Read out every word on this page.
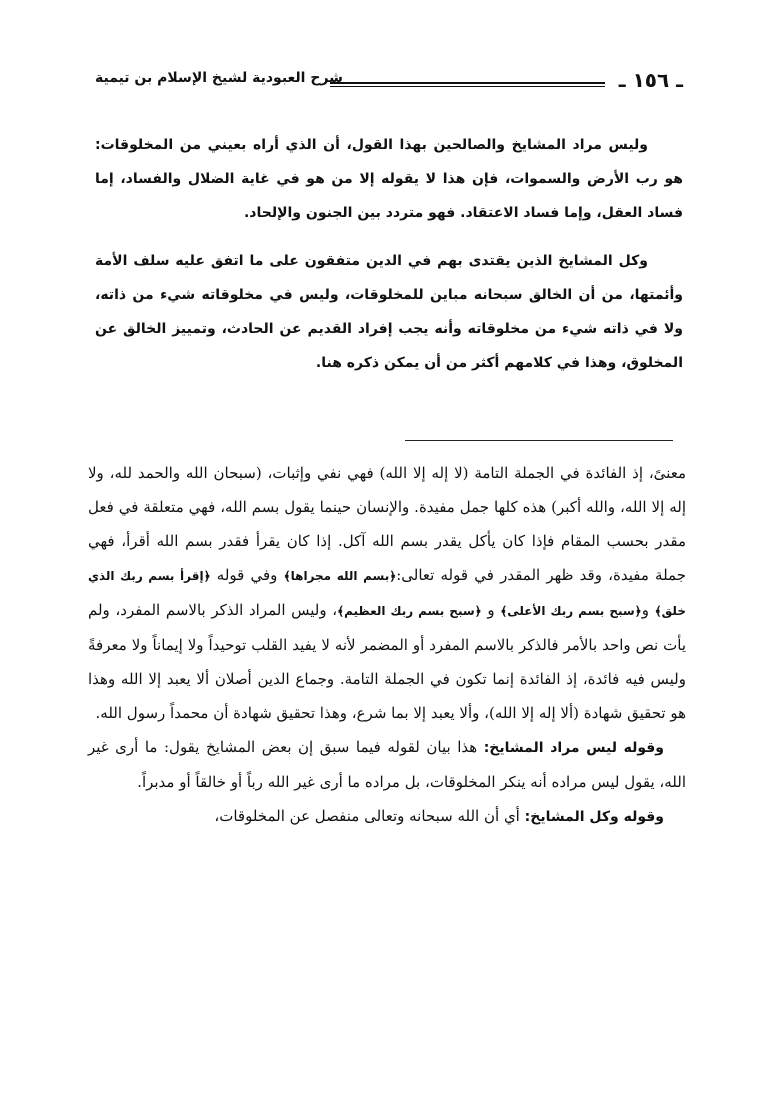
ـ ١٥٦ ـ
شرح العبودية لشيخ الإسلام بن تيمية

وليس مراد المشايخ والصالحين بهذا القول، أن الذي أراه بعيني من المخلوقات: هو رب الأرض والسموات، فإن هذا لا يقوله إلا من هو في غاية الضلال والفساد، إما فساد العقل، وإما فساد الاعتقاد. فهو متردد بين الجنون والإلحاد.

وكل المشايخ الذين يقتدى بهم في الدين متفقون على ما اتفق عليه سلف الأمة وأئمتها، من أن الخالق سبحانه مباين للمخلوقات، وليس في مخلوقاته شيء من ذاته، ولا في ذاته شيء من مخلوقاته وأنه يجب إفراد القديم عن الحادث، وتمييز الخالق عن المخلوق، وهذا في كلامهم أكثر من أن يمكن ذكره هنا.

معنىً، إذ الفائدة في الجملة التامة (لا إله إلا الله) فهي نفي وإثبات، (سبحان الله والحمد لله، ولا إله إلا الله، والله أكبر) هذه كلها جمل مفيدة. والإنسان حينما يقول بسم الله، فهي متعلقة في فعل مقدر بحسب المقام فإذا كان يأكل يقدر بسم الله آكل. إذا كان يقرأ فقدر بسم الله أقرأ، فهي جملة مفيدة، وقد ظهر المقدر في قوله تعالى:﴿بسم الله مجراها﴾ وفي قوله ﴿إقرأ بسم ربك الذي خلق﴾ و﴿سبح بسم ربك الأعلى﴾ و ﴿سبح بسم ربك العظيم﴾، وليس المراد الذكر بالاسم المفرد، ولم يأت نص واحد بالأمر فالذكر بالاسم المفرد أو المضمر لأنه لا يفيد القلب توحيداً ولا إيماناً ولا معرفةً وليس فيه فائدة، إذ الفائدة إنما تكون في الجملة التامة. وجماع الدين أصلان ألا يعبد إلا الله وهذا هو تحقيق شهادة (ألا إله إلا الله)، وألا يعبد إلا بما شرع، وهذا تحقيق شهادة أن محمداً رسول الله.

وقوله ليس مراد المشايخ: هذا بيان لقوله فيما سبق إن بعض المشايخ يقول: ما أرى غير الله، يقول ليس مراده أنه ينكر المخلوقات، بل مراده ما أرى غير الله رباً أو خالقاً أو مدبراً.

وقوله وكل المشايخ: أي أن الله سبحانه وتعالى منفصل عن المخلوقات،
